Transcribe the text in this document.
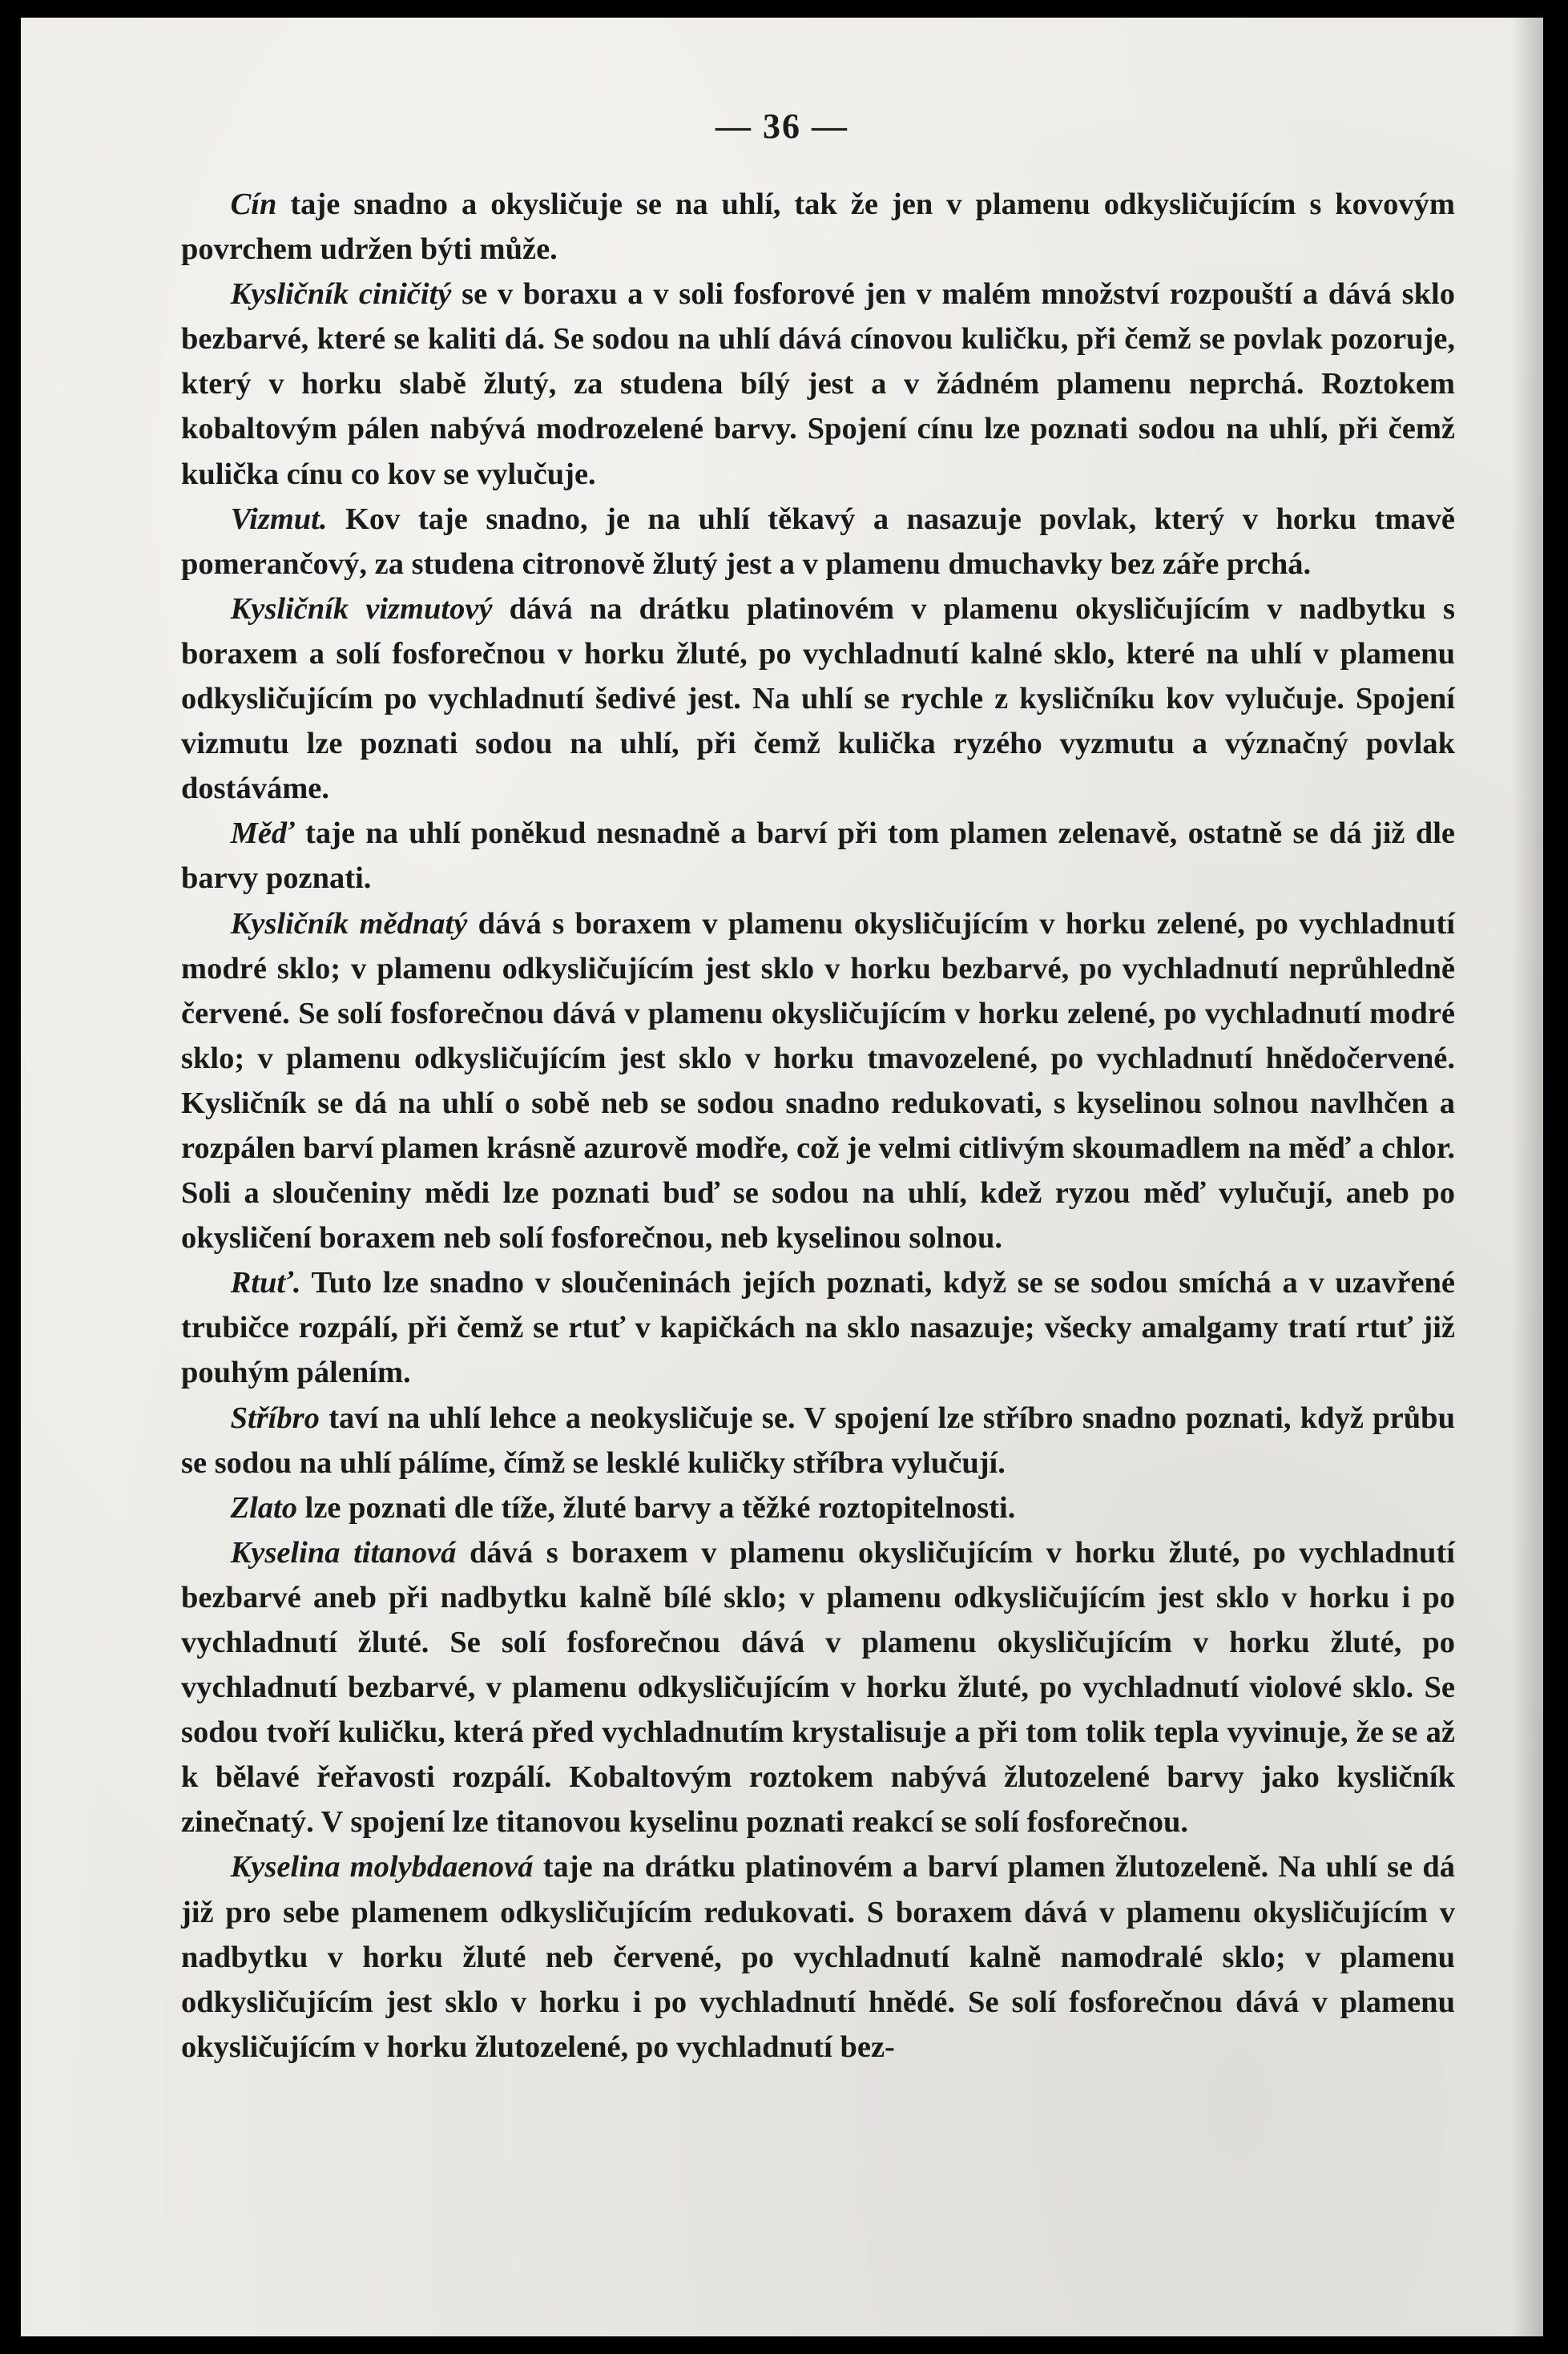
— 36 —

Cín taje snadno a okysličuje se na uhlí, tak že jen v plamenu odkysličujícím s kovovým povrchem udržen býti může.

Kysličník ciničitý se v boraxu a v soli fosforové jen v malém množství rozpouští a dává sklo bezbarvé, které se kaliti dá. Se sodou na uhlí dává cínovou kuličku, při čemž se povlak pozoruje, který v horku slabě žlutý, za studena bílý jest a v žádném plamenu neprchá. Roztokem kobaltovým pálen nabývá modrozelené barvy. Spojení cínu lze poznati sodou na uhlí, při čemž kulička cínu co kov se vylučuje.

Vizmut. Kov taje snadno, je na uhlí těkavý a nasazuje povlak, který v horku tmavě pomerančový, za studena citronově žlutý jest a v plamenu dmuchavky bez záře prchá.

Kysličník vizmutový dává na drátku platinovém v plamenu okysličujícím v nadbytku s boraxem a solí fosforečnou v horku žluté, po vychladnutí kalné sklo, které na uhlí v plamenu odkysličujícím po vychladnutí šedivé jest. Na uhlí se rychle z kysličníku kov vylučuje. Spojení vizmutu lze poznati sodou na uhlí, při čemž kulička ryzého vyzmutu a význačný povlak dostáváme.

Měď taje na uhlí poněkud nesnadně a barví při tom plamen zelenavě, ostatně se dá již dle barvy poznati.

Kysličník mědnatý dává s boraxem v plamenu okysličujícím v horku zelené, po vychladnutí modré sklo; v plamenu odkysličujícím jest sklo v horku bezbarvé, po vychladnutí neprůhledně červené. Se solí fosforečnou dává v plamenu okysličujícím v horku zelené, po vychladnutí modré sklo; v plamenu odkysličujícím jest sklo v horku tmavozelené, po vychladnutí hnědočervené. Kysličník se dá na uhlí o sobě neb se sodou snadno redukovati, s kyselinou solnou navlhčen a rozpálen barví plamen krásně azurově modře, což je velmi citlivým skoumadlem na měď a chlor. Soli a sloučeniny mědi lze poznati buď se sodou na uhlí, kdež ryzou měď vylučují, aneb po okysličení boraxem neb solí fosforečnou, neb kyselinou solnou.

Rtuť. Tuto lze snadno v sloučeninách jejích poznati, když se se sodou smíchá a v uzavřené trubičce rozpálí, při čemž se rtuť v kapičkách na sklo nasazuje; všecky amalgamy tratí rtuť již pouhým pálením.

Stříbro taví na uhlí lehce a neokysličuje se. V spojení lze stříbro snadno poznati, když průbu se sodou na uhlí pálíme, čímž se lesklé kuličky stříbra vylučují.

Zlato lze poznati dle tíže, žluté barvy a těžké roztopitelnosti.

Kyselina titanová dává s boraxem v plamenu okysličujícím v horku žluté, po vychladnutí bezbarvé aneb při nadbytku kalně bílé sklo; v plamenu odkysličujícím jest sklo v horku i po vychladnutí žluté. Se solí fosforečnou dává v plamenu okysličujícím v horku žluté, po vychladnutí bezbarvé, v plamenu odkysličujícím v horku žluté, po vychladnutí violové sklo. Se sodou tvoří kuličku, která před vychladnutím krystalisuje a při tom tolik tepla vyvinuje, že se až k bělavé řeřavosti rozpálí. Kobaltovým roztokem nabývá žlutozelené barvy jako kysličník zinečnatý. V spojení lze titanovou kyselinu poznati reakcí se solí fosforečnou.

Kyselina molybdaenová taje na drátku platinovém a barví plamen žlutozeleně. Na uhlí se dá již pro sebe plamenem odkysličujícím redukovati. S boraxem dává v plamenu okysličujícím v nadbytku v horku žluté neb červené, po vychladnutí kalně namodralé sklo; v plamenu odkysličujícím jest sklo v horku i po vychladnutí hnědé. Se solí fosforečnou dává v plamenu okysličujícím v horku žlutozelené, po vychladnutí bez-
